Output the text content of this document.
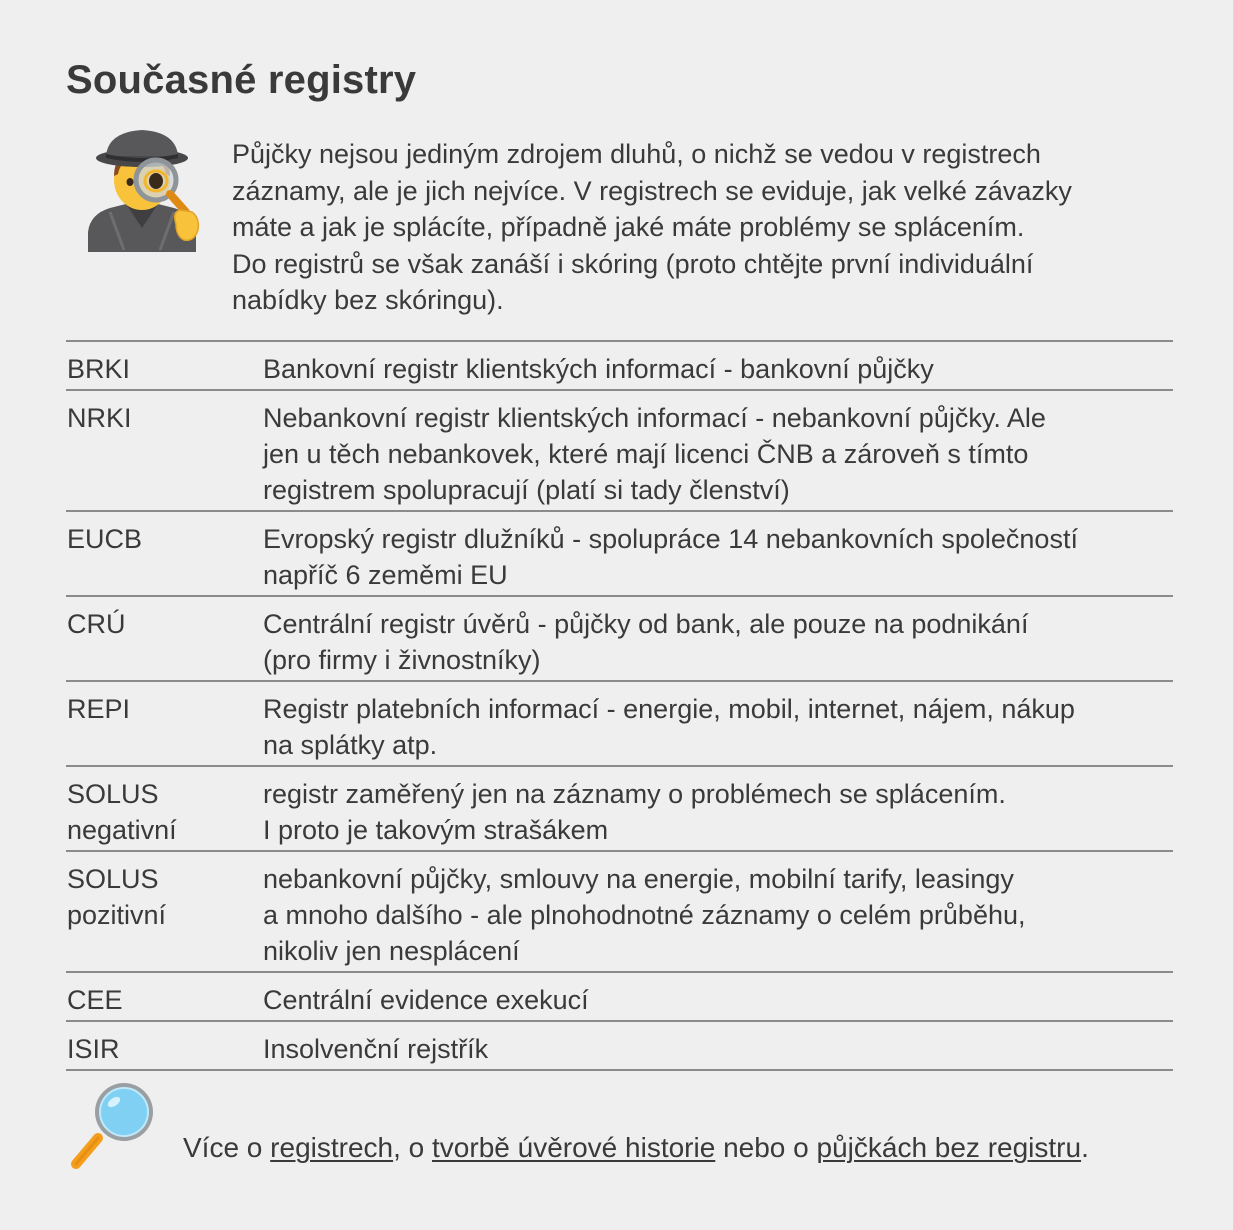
Současné registry

Půjčky nejsou jediným zdrojem dluhů, o nichž se vedou v registrech
záznamy, ale je jich nejvíce. V registrech se eviduje, jak velké závazky
máte a jak je splácíte, případně jaké máte problémy se splácením.
Do registrů se však zanáší i skóring (proto chtějte první individuální
nabídky bez skóringu).

BRKI	Bankovní registr klientských informací - bankovní půjčky
NRKI	Nebankovní registr klientských informací - nebankovní půjčky. Ale
jen u těch nebankovek, které mají licenci ČNB a zároveň s tímto
registrem spolupracují (platí si tady členství)
EUCB	Evropský registr dlužníků - spolupráce 14 nebankovních společností
napříč 6 zeměmi EU
CRÚ	Centrální registr úvěrů - půjčky od bank, ale pouze na podnikání
(pro firmy i živnostníky)
REPI	Registr platebních informací - energie, mobil, internet, nájem, nákup
na splátky atp.
SOLUS
negativní	registr zaměřený jen na záznamy o problémech se splácením.
I proto je takovým strašákem
SOLUS
pozitivní	nebankovní půjčky, smlouvy na energie, mobilní tarify, leasingy
a mnoho dalšího - ale plnohodnotné záznamy o celém průběhu,
nikoliv jen nesplácení
CEE	Centrální evidence exekucí
ISIR	Insolvenční rejstřík

Více o registrech, o tvorbě úvěrové historie nebo o půjčkách bez registru.
